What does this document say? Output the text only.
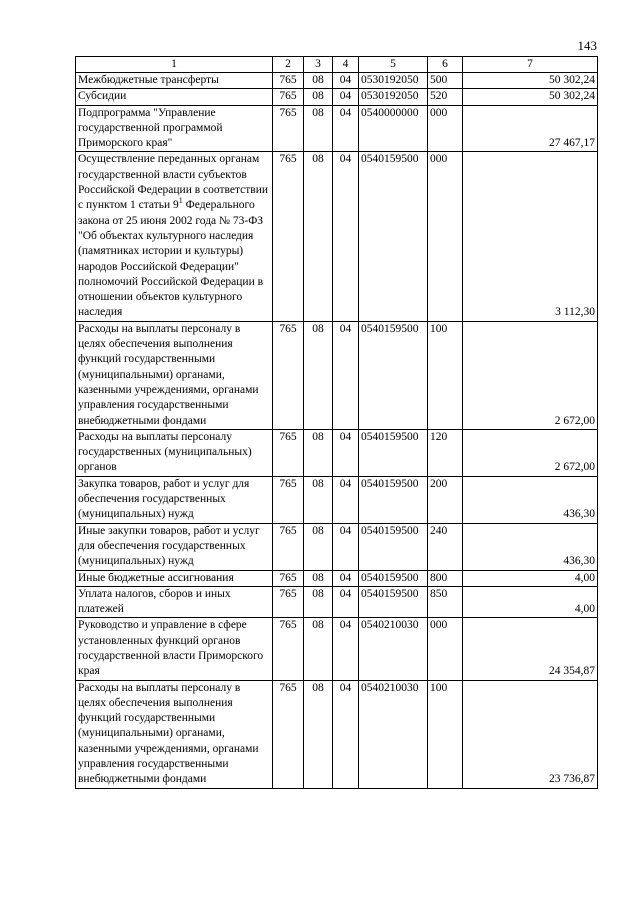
143
1	2	3	4	5	6	7
Межбюджетные трансферты	765	08	04	0530192050	500	50 302,24
Субсидии	765	08	04	0530192050	520	50 302,24
Подпрограмма "Управление государственной программой Приморского края"	765	08	04	0540000000	000	27 467,17
Осуществление переданных органам государственной власти субъектов Российской Федерации в соответствии с пунктом 1 статьи $9^1$ Федерального закона от 25 июня 2002 года № 73-ФЗ "Об объектах культурного наследия (памятниках истории и культуры) народов Российской Федерации" полномочий Российской Федерации в отношении объектов культурного наследия	765	08	04	0540159500	000	3 112,30
Расходы на выплаты персоналу в целях обеспечения выполнения функций государственными (муниципальными) органами, казенными учреждениями, органами управления государственными внебюджетными фондами	765	08	04	0540159500	100	2 672,00
Расходы на выплаты персоналу государственных (муниципальных) органов	765	08	04	0540159500	120	2 672,00
Закупка товаров, работ и услуг для обеспечения государственных (муниципальных) нужд	765	08	04	0540159500	200	436,30
Иные закупки товаров, работ и услуг для обеспечения государственных (муниципальных) нужд	765	08	04	0540159500	240	436,30
Иные бюджетные ассигнования	765	08	04	0540159500	800	4,00
Уплата налогов, сборов и иных платежей	765	08	04	0540159500	850	4,00
Руководство и управление в сфере установленных функций органов государственной власти Приморского края	765	08	04	0540210030	000	24 354,87
Расходы на выплаты персоналу в целях обеспечения выполнения функций государственными (муниципальными) органами, казенными учреждениями, органами управления государственными внебюджетными фондами	765	08	04	0540210030	100	23 736,87
